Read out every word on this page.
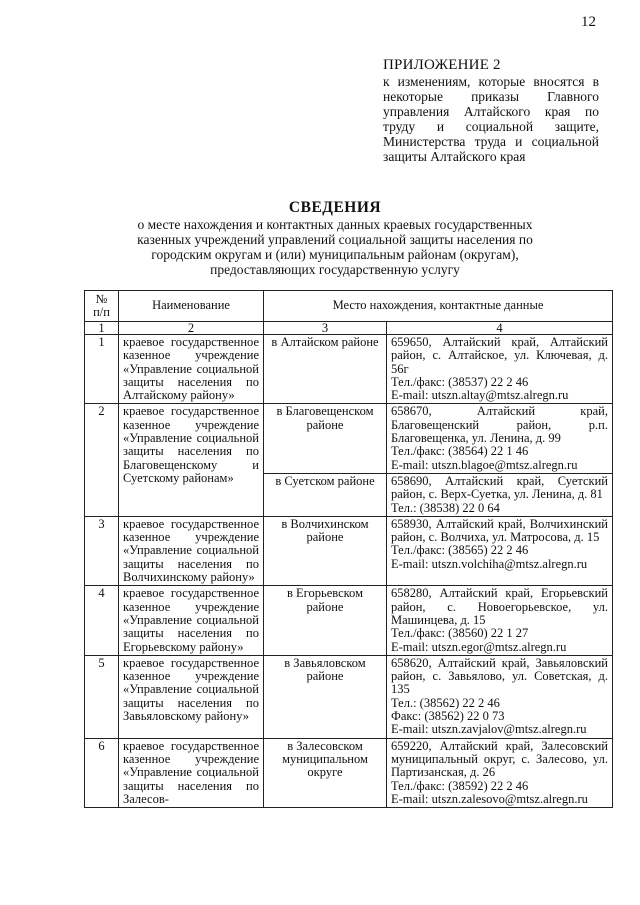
12
ПРИЛОЖЕНИЕ 2
к изменениям, которые вносятся в некоторые приказы Главного управления Алтайского края по труду и социальной защите, Министерства труда и социальной защиты Алтайского края
СВЕДЕНИЯ
о месте нахождения и контактных данных краевых государственных казенных учреждений управлений социальной защиты населения по городским округам и (или) муниципальным районам (округам), предоставляющих государственную услугу
№ п/п	Наименование	Место нахождения, контактные данные	
1	2	3	4
1	краевое государственное казенное учреждение «Управление социальной защиты населения по Алтайскому району»	в Алтайском районе	659650, Алтайский край, Алтайский район, с. Алтайское, ул. Ключевая, д. 56г
Тел./факс: (38537) 22 2 46
E-mail: utszn.altay@mtsz.alregn.ru

2	краевое государственное казенное учреждение «Управление социальной защиты населения по Благовещенскому и Суетскому районам»	в Благовещенском районе	658670, Алтайский край, Благовещенский район, р.п. Благовещенка, ул. Ленина, д. 99
Тел./факс: (38564) 22 1 46
E-mail: utszn.blagoe@mtsz.alregn.ru

		в Суетском районе	658690, Алтайский край, Суетский район, с. Верх-Суетка, ул. Ленина, д. 81
Тел.: (38538) 22 0 64

3	краевое государственное казенное учреждение «Управление социальной защиты населения по Волчихинскому району»	в Волчихинском районе	658930, Алтайский край, Волчихинский район, с. Волчиха, ул. Матросова, д. 15
Тел./факс: (38565) 22 2 46
E-mail: utszn.volchiha@mtsz.alregn.ru

4	краевое государственное казенное учреждение «Управление социальной защиты населения по Егорьевскому району»	в Егорьевском районе	658280, Алтайский край, Егорьевский район, с. Новоегорьевское, ул. Машинцева, д. 15
Тел./факс: (38560) 22 1 27
E-mail: utszn.egor@mtsz.alregn.ru

5	краевое государственное казенное учреждение «Управление социальной защиты населения по Завьяловскому району»	в Завьяловском районе	658620, Алтайский край, Завьяловский район, с. Завьялово, ул. Советская, д. 135
Тел.: (38562) 22 2 46
Факс: (38562) 22 0 73
E-mail: utszn.zavjalov@mtsz.alregn.ru

6	краевое государственное казенное учреждение «Управление социальной защиты населения по Залесов-	в Залесовском муниципальном округе	659220, Алтайский край, Залесовский муниципальный округ, с. Залесово, ул. Партизанская, д. 26
Тел./факс: (38592) 22 2 46
E-mail: utszn.zalesovo@mtsz.alregn.ru
